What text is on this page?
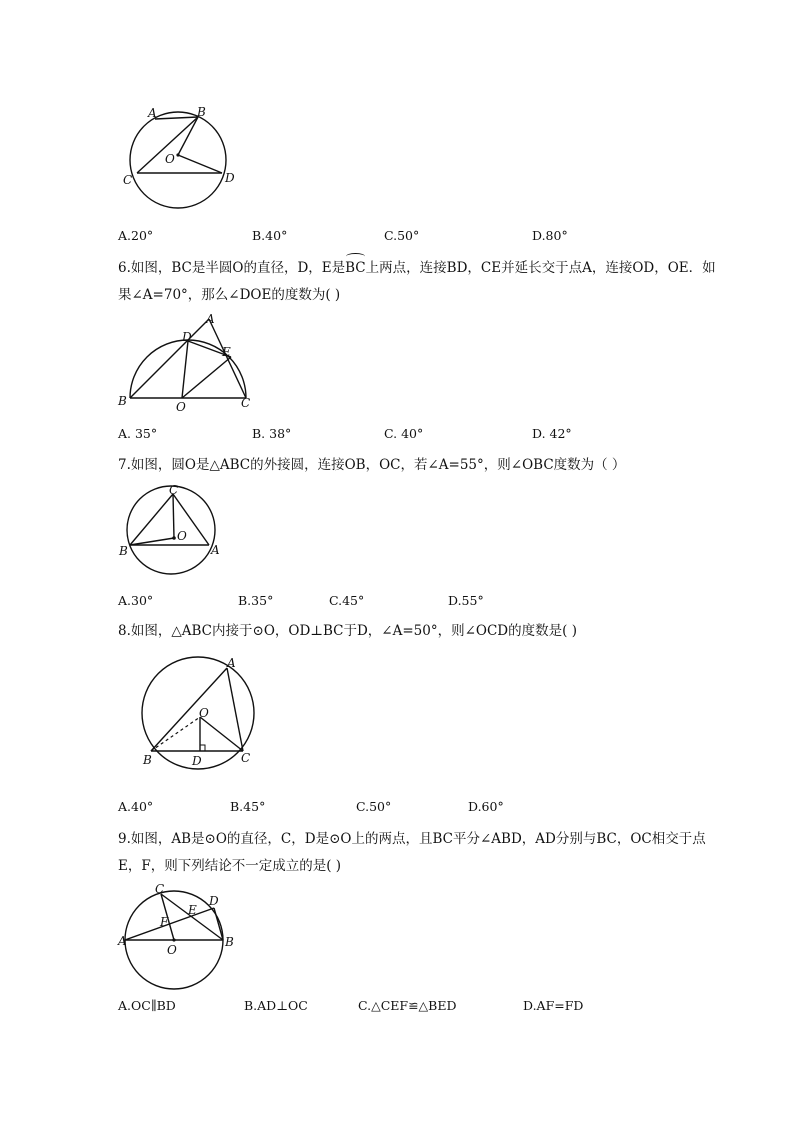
A	B
O
C	D
A.20°	B.40°	C.50°	D.80°
6.如图，BC是半圆O的直径，D，E是BC上两点，连接BD，CE并延长交于点A，连接OD，OE．如
果∠A=70°，那么∠DOE的度数为( )
A
D
E
B	O	C
A. 35°	B. 38°	C. 40°	D. 42°
7.如图，圆O是△ABC的外接圆，连接OB，OC，若∠A=55°，则∠OBC度数为（ ）
C
O
B	A
A.30°	B.35°	C.45°	D.55°
8.如图，△ABC内接于⊙O，OD⊥BC于D，∠A=50°，则∠OCD的度数是( )
A
O
B	D	C
A.40°	B.45°	C.50°	D.60°
9.如图，AB是⊙O的直径，C，D是⊙O上的两点，且BC平分∠ABD，AD分别与BC，OC相交于点
E，F，则下列结论不一定成立的是( )
C
D
E
F
A
O
B
A.OC∥BD	B.AD⊥OC	C.△CEF≌△BED	D.AF=FD
